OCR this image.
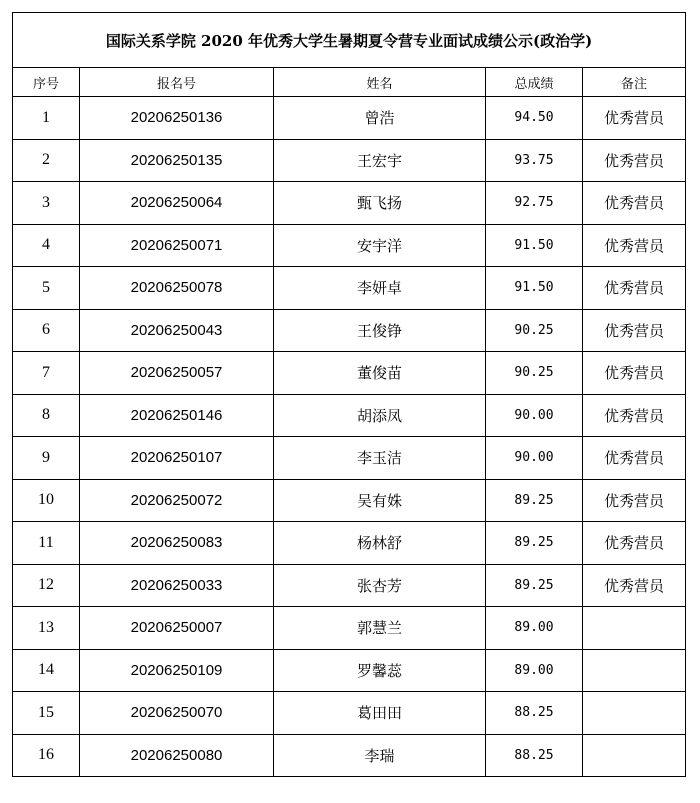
国际关系学院 2020 年优秀大学生暑期夏令营专业面试成绩公示(政治学)				
序号	报名号	姓名	总成绩	备注
1	20206250136	曾浩	94.50	优秀营员
2	20206250135	王宏宇	93.75	优秀营员
3	20206250064	甄飞扬	92.75	优秀营员
4	20206250071	安宇洋	91.50	优秀营员
5	20206250078	李妍卓	91.50	优秀营员
6	20206250043	王俊铮	90.25	优秀营员
7	20206250057	董俊苗	90.25	优秀营员
8	20206250146	胡添凤	90.00	优秀营员
9	20206250107	李玉洁	90.00	优秀营员
10	20206250072	吴有姝	89.25	优秀营员
11	20206250083	杨林舒	89.25	优秀营员
12	20206250033	张杏芳	89.25	优秀营员
13	20206250007	郭慧兰	89.00	
14	20206250109	罗馨蕊	89.00	
15	20206250070	葛田田	88.25	
16	20206250080	李瑞	88.25	
